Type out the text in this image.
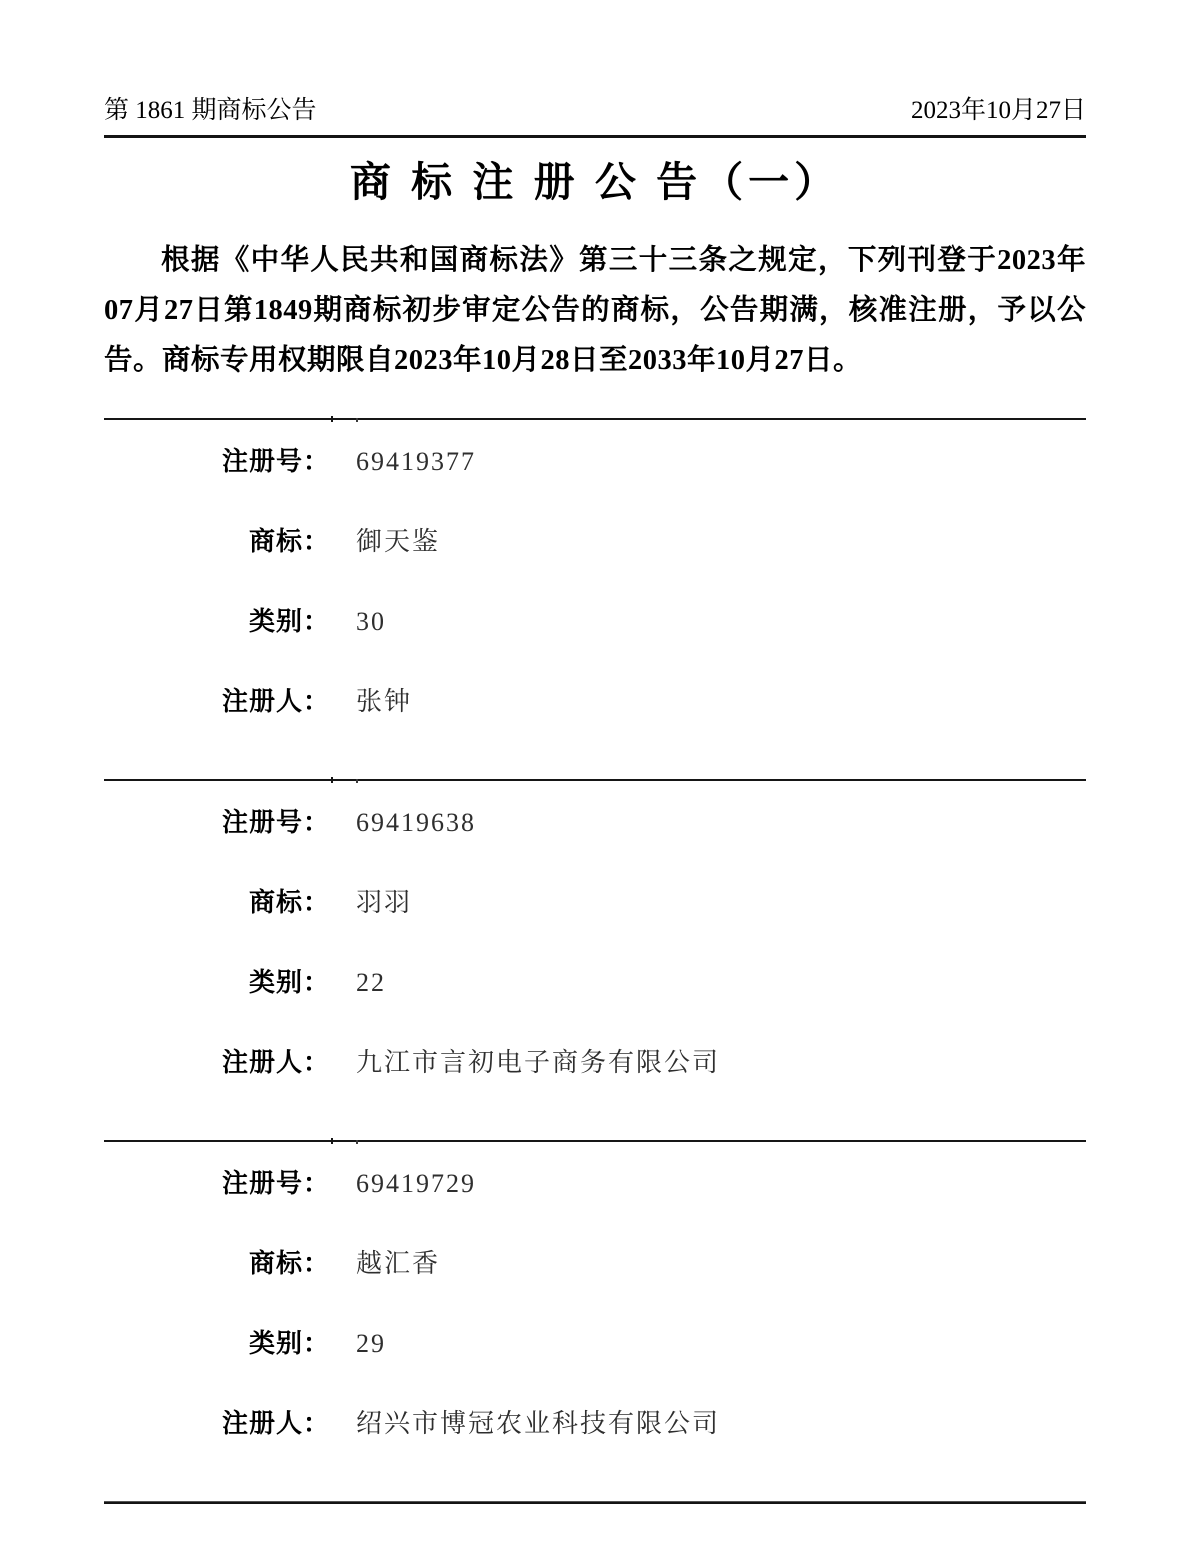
第 1861 期商标公告	2023年10月27日
商 标 注 册 公 告（一）

根据《中华人民共和国商标法》第三十三条之规定，下列刊登于2023年07月27日第1849期商标初步审定公告的商标，公告期满，核准注册，予以公告。商标专用权期限自2023年10月28日至2033年10月27日。

注册号： 69419377
商标： 御天鉴
类别： 30
注册人： 张钟
注册号： 69419638
商标： 羽羽
类别： 22
注册人： 九江市言初电子商务有限公司
注册号： 69419729
商标： 越汇香
类别： 29
注册人： 绍兴市博冠农业科技有限公司
